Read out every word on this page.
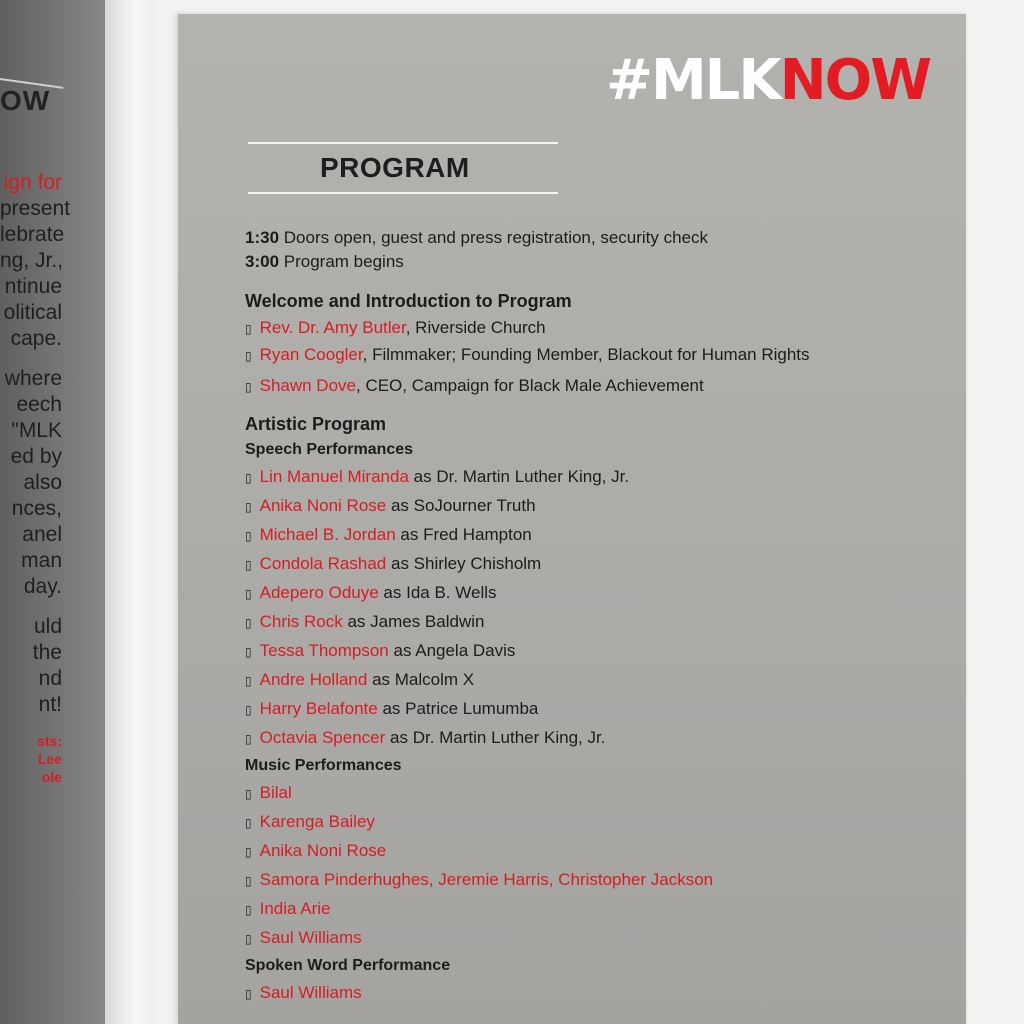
OW
ign for
present
lebrate
ng, Jr.,
ntinue
olitical
cape.
where
eech
"MLK
ed by
also
nces,
anel
man
day.
uld
the
nd
nt!
sts:
Lee
ole
#MLKNOW
PROGRAM
1:30 Doors open, guest and press registration, security check
3:00 Program begins
Welcome and Introduction to Program
▯ Rev. Dr. Amy Butler, Riverside Church
▯ Ryan Coogler, Filmmaker; Founding Member, Blackout for Human Rights
▯ Shawn Dove, CEO, Campaign for Black Male Achievement
Artistic Program
Speech Performances
▯ Lin Manuel Miranda as Dr. Martin Luther King, Jr.
▯ Anika Noni Rose as SoJourner Truth
▯ Michael B. Jordan as Fred Hampton
▯ Condola Rashad as Shirley Chisholm
▯ Adepero Oduye as Ida B. Wells
▯ Chris Rock as James Baldwin
▯ Tessa Thompson as Angela Davis
▯ Andre Holland as Malcolm X
▯ Harry Belafonte as Patrice Lumumba
▯ Octavia Spencer as Dr. Martin Luther King, Jr.
Music Performances
▯ Bilal
▯ Karenga Bailey
▯ Anika Noni Rose
▯ Samora Pinderhughes, Jeremie Harris, Christopher Jackson
▯ India Arie
▯ Saul Williams
Spoken Word Performance
▯ Saul Williams
